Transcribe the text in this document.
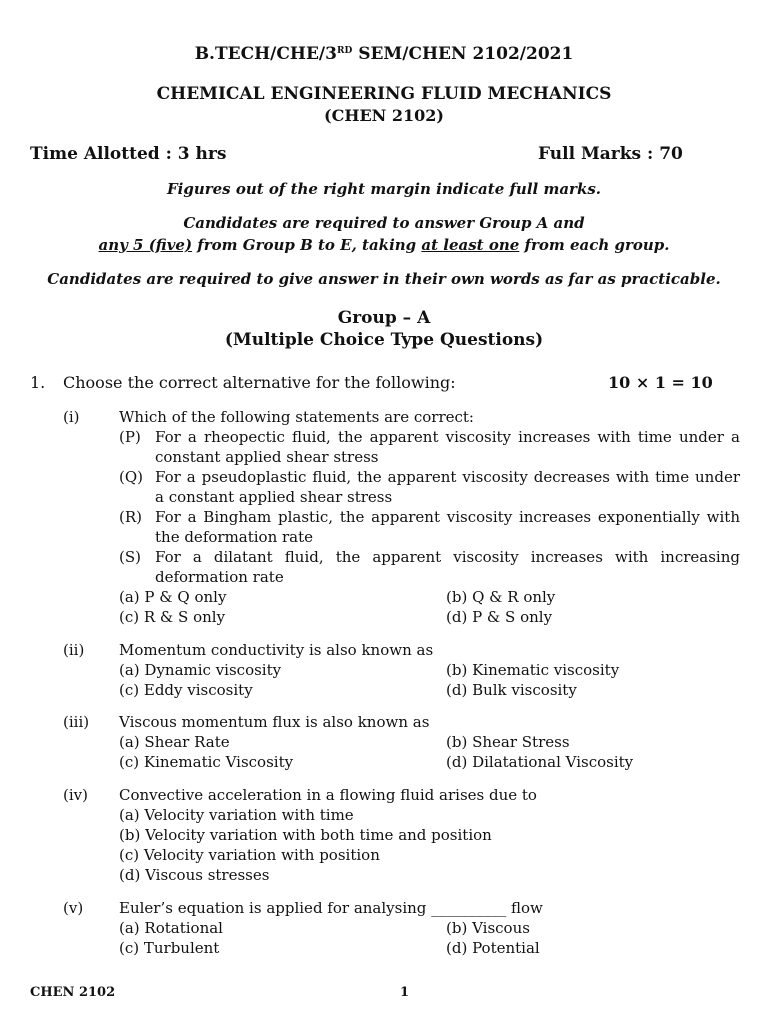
B.TECH/CHE/3RD SEM/CHEN 2102/2021
CHEMICAL ENGINEERING FLUID MECHANICS
(CHEN 2102)
Time Allotted : 3 hrs	Full Marks : 70
Figures out of the right margin indicate full marks.
Candidates are required to answer Group A and
any 5 (five) from Group B to E, taking at least one from each group.
Candidates are required to give answer in their own words as far as practicable.
Group – A
(Multiple Choice Type Questions)
1. Choose the correct alternative for the following:	10 × 1 = 10
(i)	Which of the following statements are correct:
(P) For a rheopectic fluid, the apparent viscosity increases with time under a
constant applied shear stress
(Q) For a pseudoplastic fluid, the apparent viscosity decreases with time under
a constant applied shear stress
(R) For a Bingham plastic, the apparent viscosity increases exponentially with
the deformation rate
(S) For a dilatant fluid, the apparent viscosity increases with increasing
deformation rate
(a) P & Q only	(b) Q & R only
(c) R & S only	(d) P & S only
(ii) Momentum conductivity is also known as
(a) Dynamic viscosity	(b) Kinematic viscosity
(c) Eddy viscosity	(d) Bulk viscosity
(iii) Viscous momentum flux is also known as
(a) Shear Rate	(b) Shear Stress
(c) Kinematic Viscosity	(d) Dilatational Viscosity
(iv) Convective acceleration in a flowing fluid arises due to
(a) Velocity variation with time
(b) Velocity variation with both time and position
(c) Velocity variation with position
(d) Viscous stresses
(v) Euler’s equation is applied for analysing __________ flow
(a) Rotational	(b) Viscous
(c) Turbulent	(d) Potential
CHEN 2102	1
